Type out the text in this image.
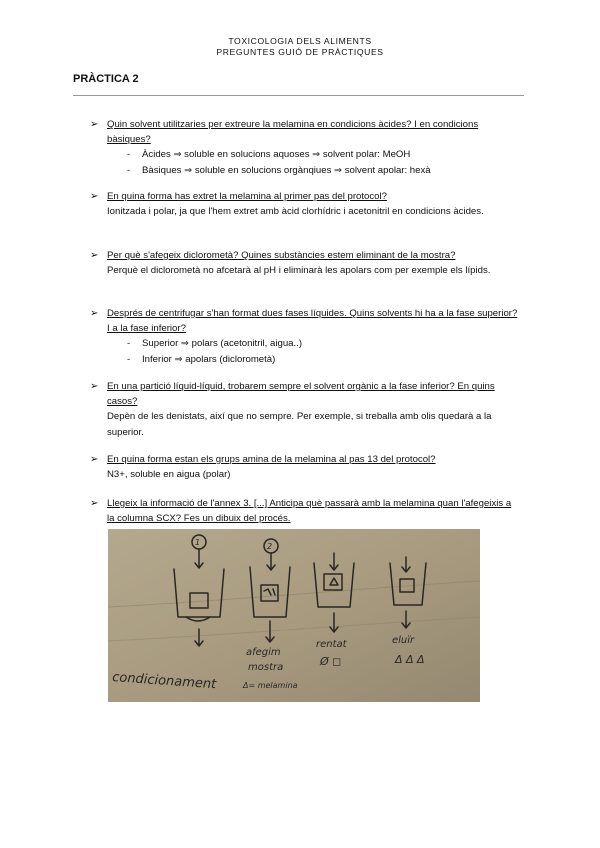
TOXICOLOGIA DELS ALIMENTS
PREGUNTES GUIÓ DE PRÀCTIQUES
PRÀCTICA 2
➢ Quin solvent utilitzaries per extreure la melamina en condicions àcides? I en condicions bàsiques?
- Àcides ⇒ soluble en solucions aquoses ⇒ solvent polar: MeOH
- Bàsiques ⇒ soluble en solucions orgànqiues ⇒ solvent apolar: hexà
➢ En quina forma has extret la melamina al primer pas del protocol?
Ionitzada i polar, ja que l'hem extret amb àcid clorhídric i acetonitril en condicions àcides.
➢ Per què s'afegeix diclorometà? Quines substàncies estem eliminant de la mostra?
Perquè el diclorometà no afcetarà al pH i eliminarà les apolars com per exemple els lípids.
➢ Després de centrifugar s'han format dues fases líquides. Quins solvents hi ha a la fase superior? I a la fase inferior?
- Superior ⇒ polars (acetonitril, aigua..)
- Inferior ⇒ apolars (diclorometà)
➢ En una partició líquid-líquid, trobarem sempre el solvent orgànic a la fase inferior? En quins casos?
Depèn de les denistats, així que no sempre. Per exemple, si treballa amb olis quedarà a la superior.
➢ En quina forma estan els grups amina de la melamina al pas 13 del protocol?
N3+, soluble en aigua (polar)
➢ Llegeix la informació de l'annex 3. [...] Anticipa què passarà amb la melamina quan l'afegeixis a la columna SCX? Fes un dibuix del procés.
1	2
condicionament
afegim
mostra
Δ= melamina
rentat
Ø ◻
eluïr
Δ Δ Δ
